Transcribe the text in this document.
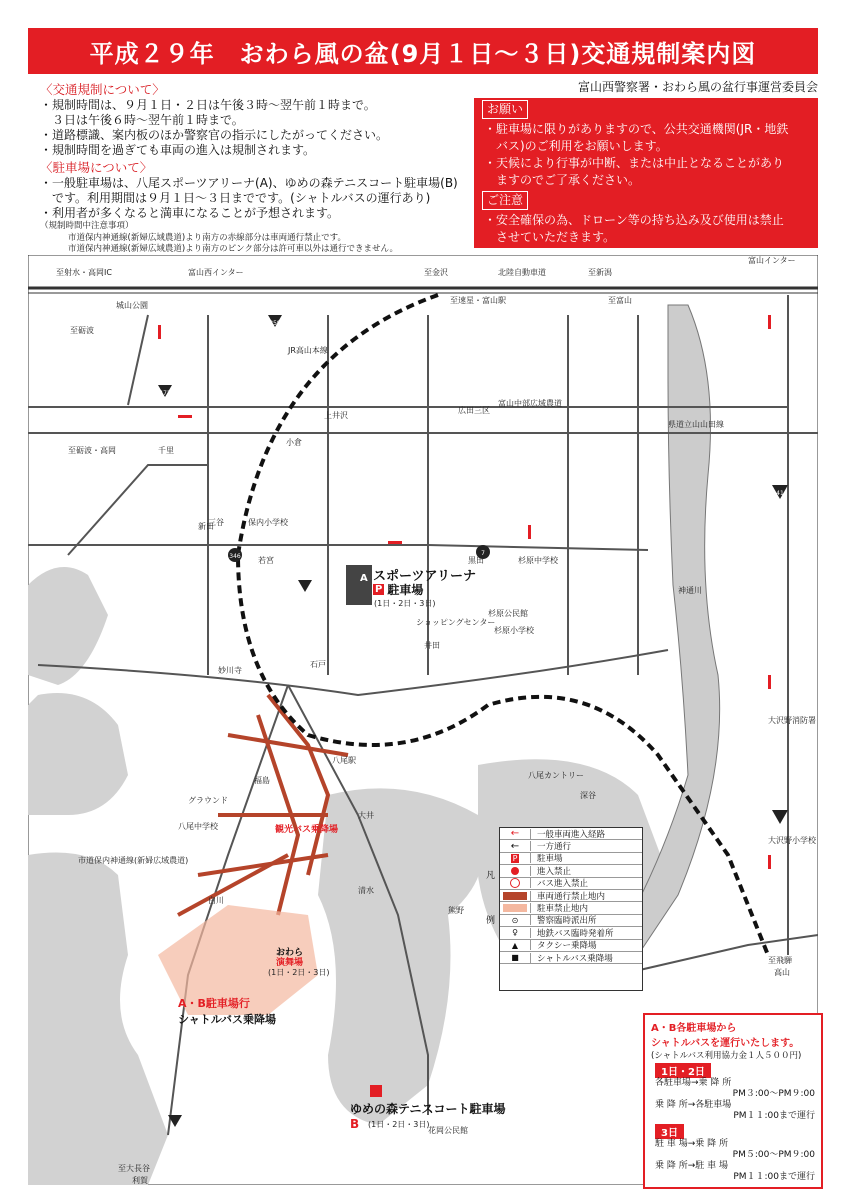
平成２９年　おわら風の盆(9月１日〜３日)交通規制案内図
富山西警察署・おわら風の盆行事運営委員会
〈交通規制について〉
・規制時間は、９月１日・２日は午後３時〜翌午前１時まで。
　３日は午後６時〜翌午前１時まで。
・道路標識、案内板のほか警察官の指示にしたがってください。
・規制時間を過ぎても車両の進入は規制されます。
〈駐車場について〉
・一般駐車場は、八尾スポーツアリーナ(A)、ゆめの森テニスコート駐車場(B)
　です。利用期間は９月１日〜３日までです。(シャトルバスの運行あり)
・利用者が多くなると満車になることが予想されます。
（規制時間中注意事項）
市道保内神通線(新婦広域農道)より南方の赤線部分は車両通行禁止です。
市道保内神通線(新婦広域農道)より南方のピンク部分は許可車以外は通行できません。
お願い
・駐車場に限りがありますので、公共交通機関(JR・地鉄
　バス)のご利用をお願いします。
・天候により行事が中断、または中止となることがあり
　ますのでご了承ください。
ご注意
・安全確保の為、ドローン等の持ち込み及び使用は禁止
　させていただきます。
359
472
41
7
346
至射水・高岡IC	富山西インター	至金沢	北陸自動車道	至新潟
富山インター
至速星・富山駅	至富山
JR高山本線
至砺波
至砺波・高岡	千里
小倉
上井沢
広田三区
富山中部広域農道
県道立山山田線
城山公園
保内小学校
若宮
三谷
新田
石戸
福島
妙川寺
グラウンド
八尾中学校
市道保内神通線(新婦広域農道)
スポーツアリーナ
A
P 駐車場
(1日・2日・3日)
杉原中学校
杉原小学校
杉原公民館
ショッピングセンター
井田
黒田
八尾駅
八尾カントリー
深谷
神通川
大沢野小学校
大沢野消防署
至飛騨
高山
熊野
清水
花岡公民館
白川
至大長谷
利賀
大井
観光バス乗降場
おわら
演舞場
(1日・2日・3日)
A・B駐車場行
シャトルバス乗降場
ゆめの森テニスコート駐車場
B (1日・2日・3日)
凡
例
← 一般車両進入経路
← 一方通行
P 駐車場
進入禁止
バス進入禁止
車両通行禁止地内
駐車禁止地内
⊙ 警察臨時派出所
♀ 地鉄バス臨時発着所
▲ タクシー乗降場
■ シャトルバス乗降場
A・B各駐車場から
シャトルバスを運行いたします。
(シャトルバス利用協力金１人５００円)
1日・2日
各駐車場→乗 降 所
PM３:00〜PM９:00
乗 降 所→各駐車場
PM１１:00まで運行
3日
駐 車 場→乗 降 所
PM５:00〜PM９:00
乗 降 所→駐 車 場
PM１１:00まで運行
